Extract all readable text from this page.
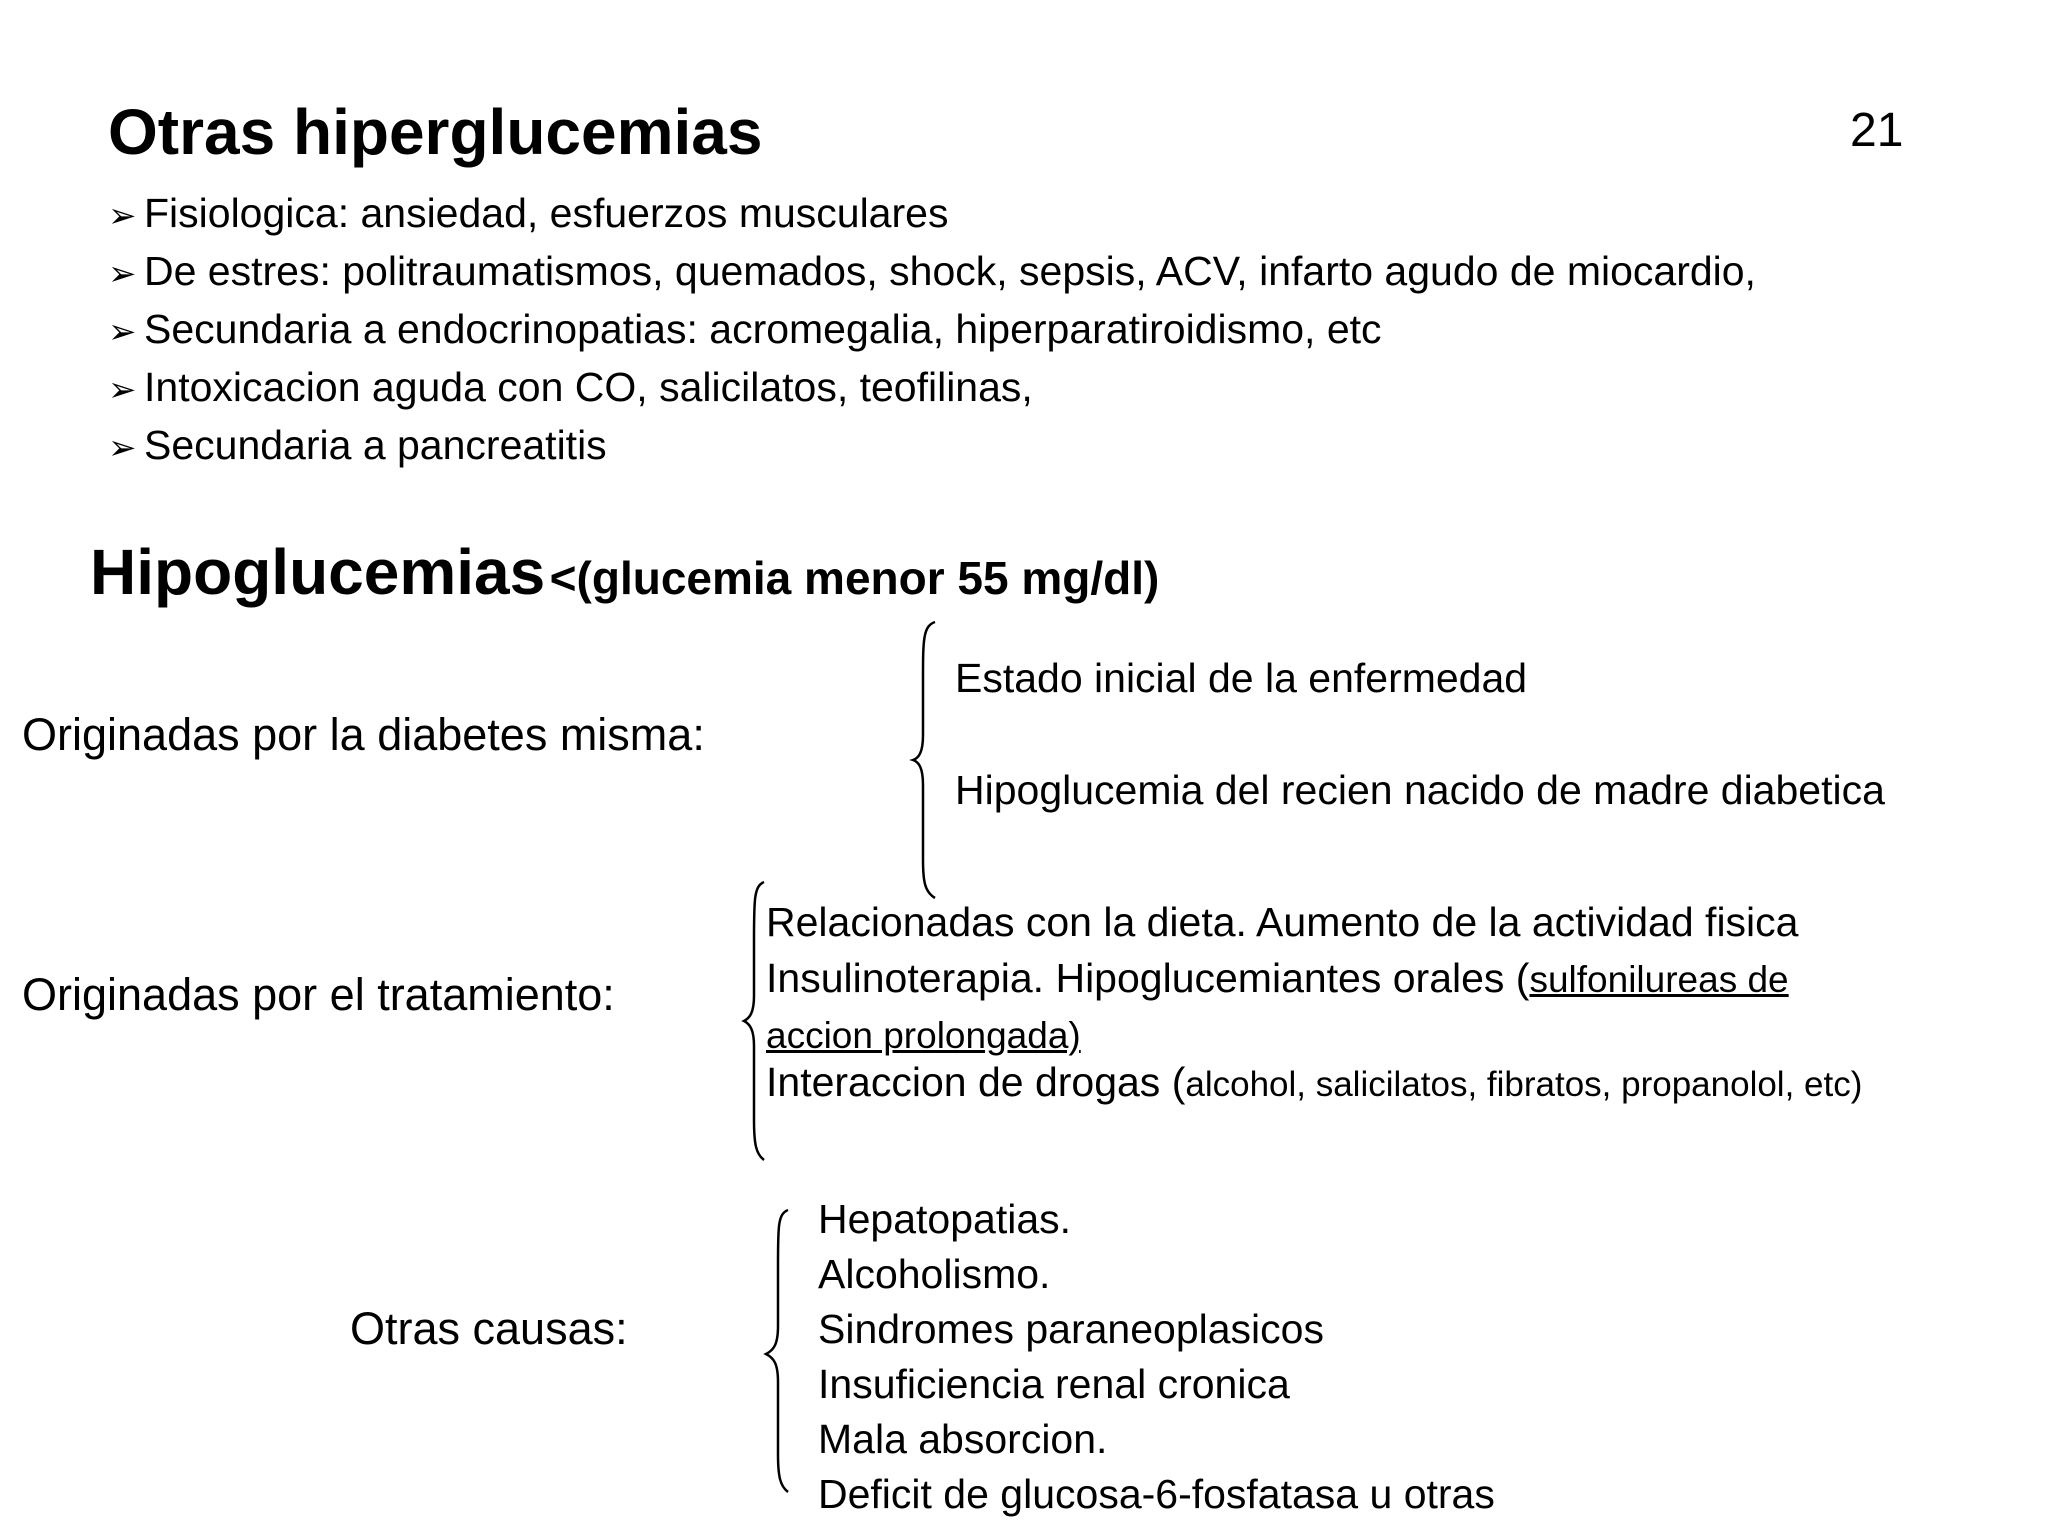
Otras hiperglucemias	21
➢ Fisiologica: ansiedad, esfuerzos musculares
➢ De estres: politraumatismos, quemados, shock, sepsis, ACV, infarto agudo de miocardio,
➢ Secundaria a endocrinopatias: acromegalia, hiperparatiroidismo, etc
➢ Intoxicacion aguda con CO, salicilatos, teofilinas,
➢ Secundaria a pancreatitis
Hipoglucemias <(glucemia menor 55 mg/dl)
Originadas por la diabetes misma:
Estado inicial de la enfermedad
Hipoglucemia del recien nacido de madre diabetica
Originadas por el tratamiento:
Relacionadas con la dieta. Aumento de la actividad fisica
Insulinoterapia. Hipoglucemiantes orales (sulfonilureas de
accion prolongada)
Interaccion de drogas (alcohol, salicilatos, fibratos, propanolol, etc)
Otras causas:
Hepatopatias.
Alcoholismo.
Sindromes paraneoplasicos
Insuficiencia renal cronica
Mala absorcion.
Deficit de glucosa-6-fosfatasa u otras
